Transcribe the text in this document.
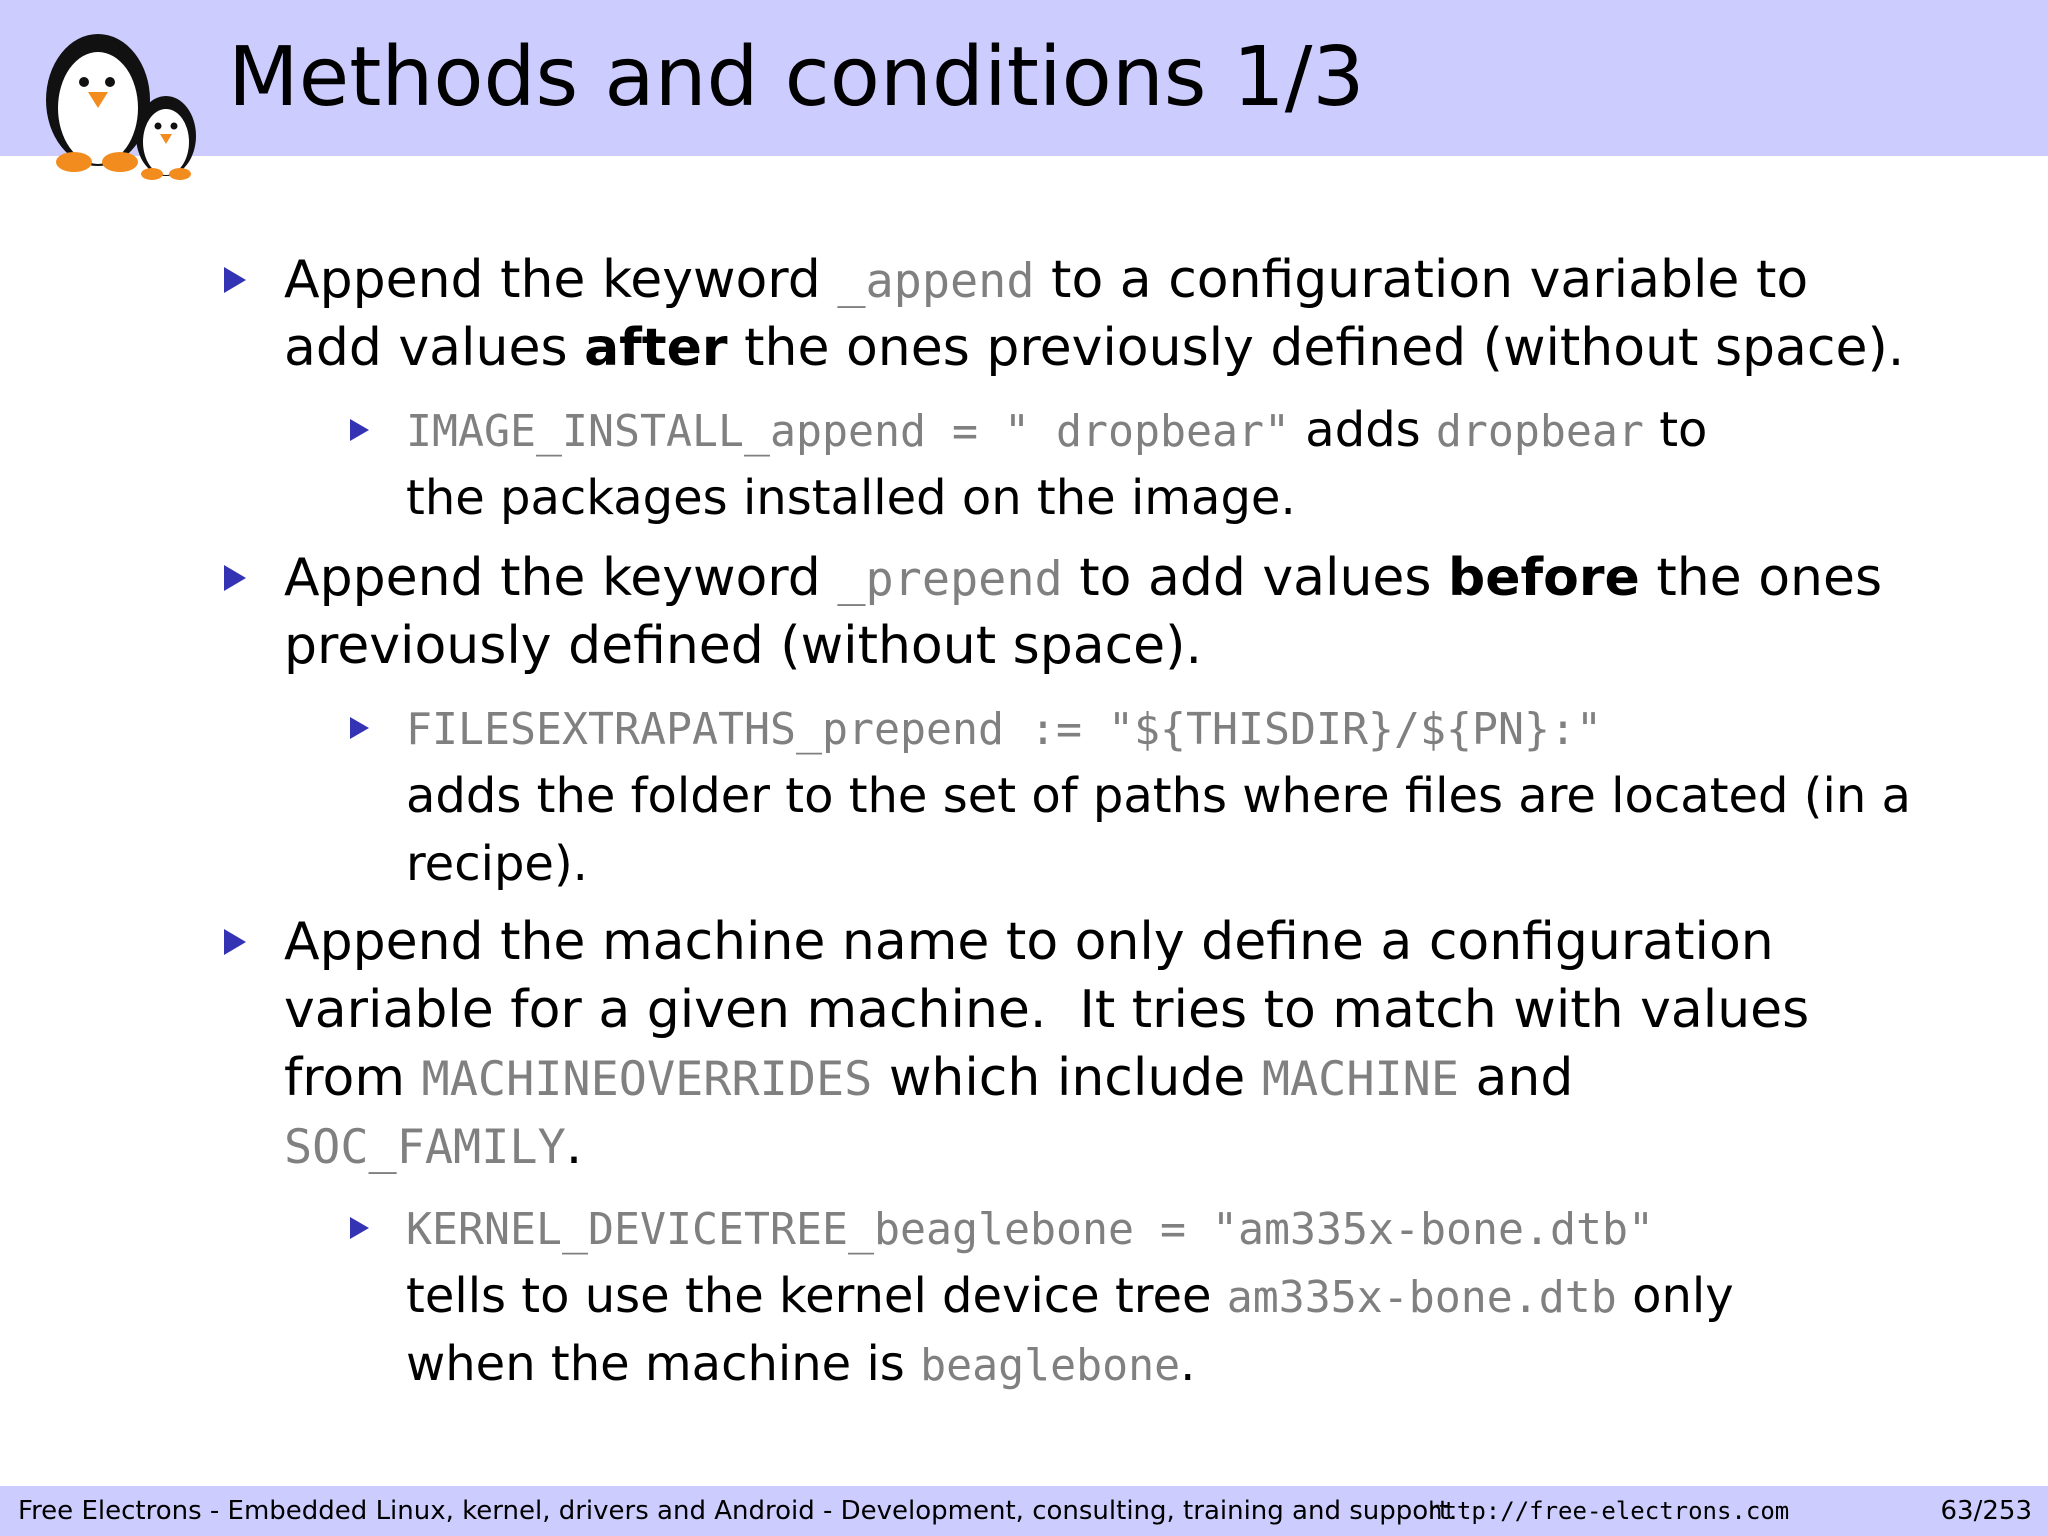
Methods and conditions 1/3
Append the keyword _append to a configuration variable to
add values after the ones previously defined (without space).
IMAGE_INSTALL_append = " dropbear" adds dropbear to
the packages installed on the image.
Append the keyword _prepend to add values before the ones
previously defined (without space).
FILESEXTRAPATHS_prepend := "${THISDIR}/${PN}:"
adds the folder to the set of paths where files are located (in a
recipe).
Append the machine name to only define a configuration
variable for a given machine.  It tries to match with values
from MACHINEOVERRIDES which include MACHINE and
SOC_FAMILY.
KERNEL_DEVICETREE_beaglebone = "am335x-bone.dtb"
tells to use the kernel device tree am335x-bone.dtb only
when the machine is beaglebone.
Free Electrons - Embedded Linux, kernel, drivers and Android - Development, consulting, training and support.
http://free-electrons.com	63/253
